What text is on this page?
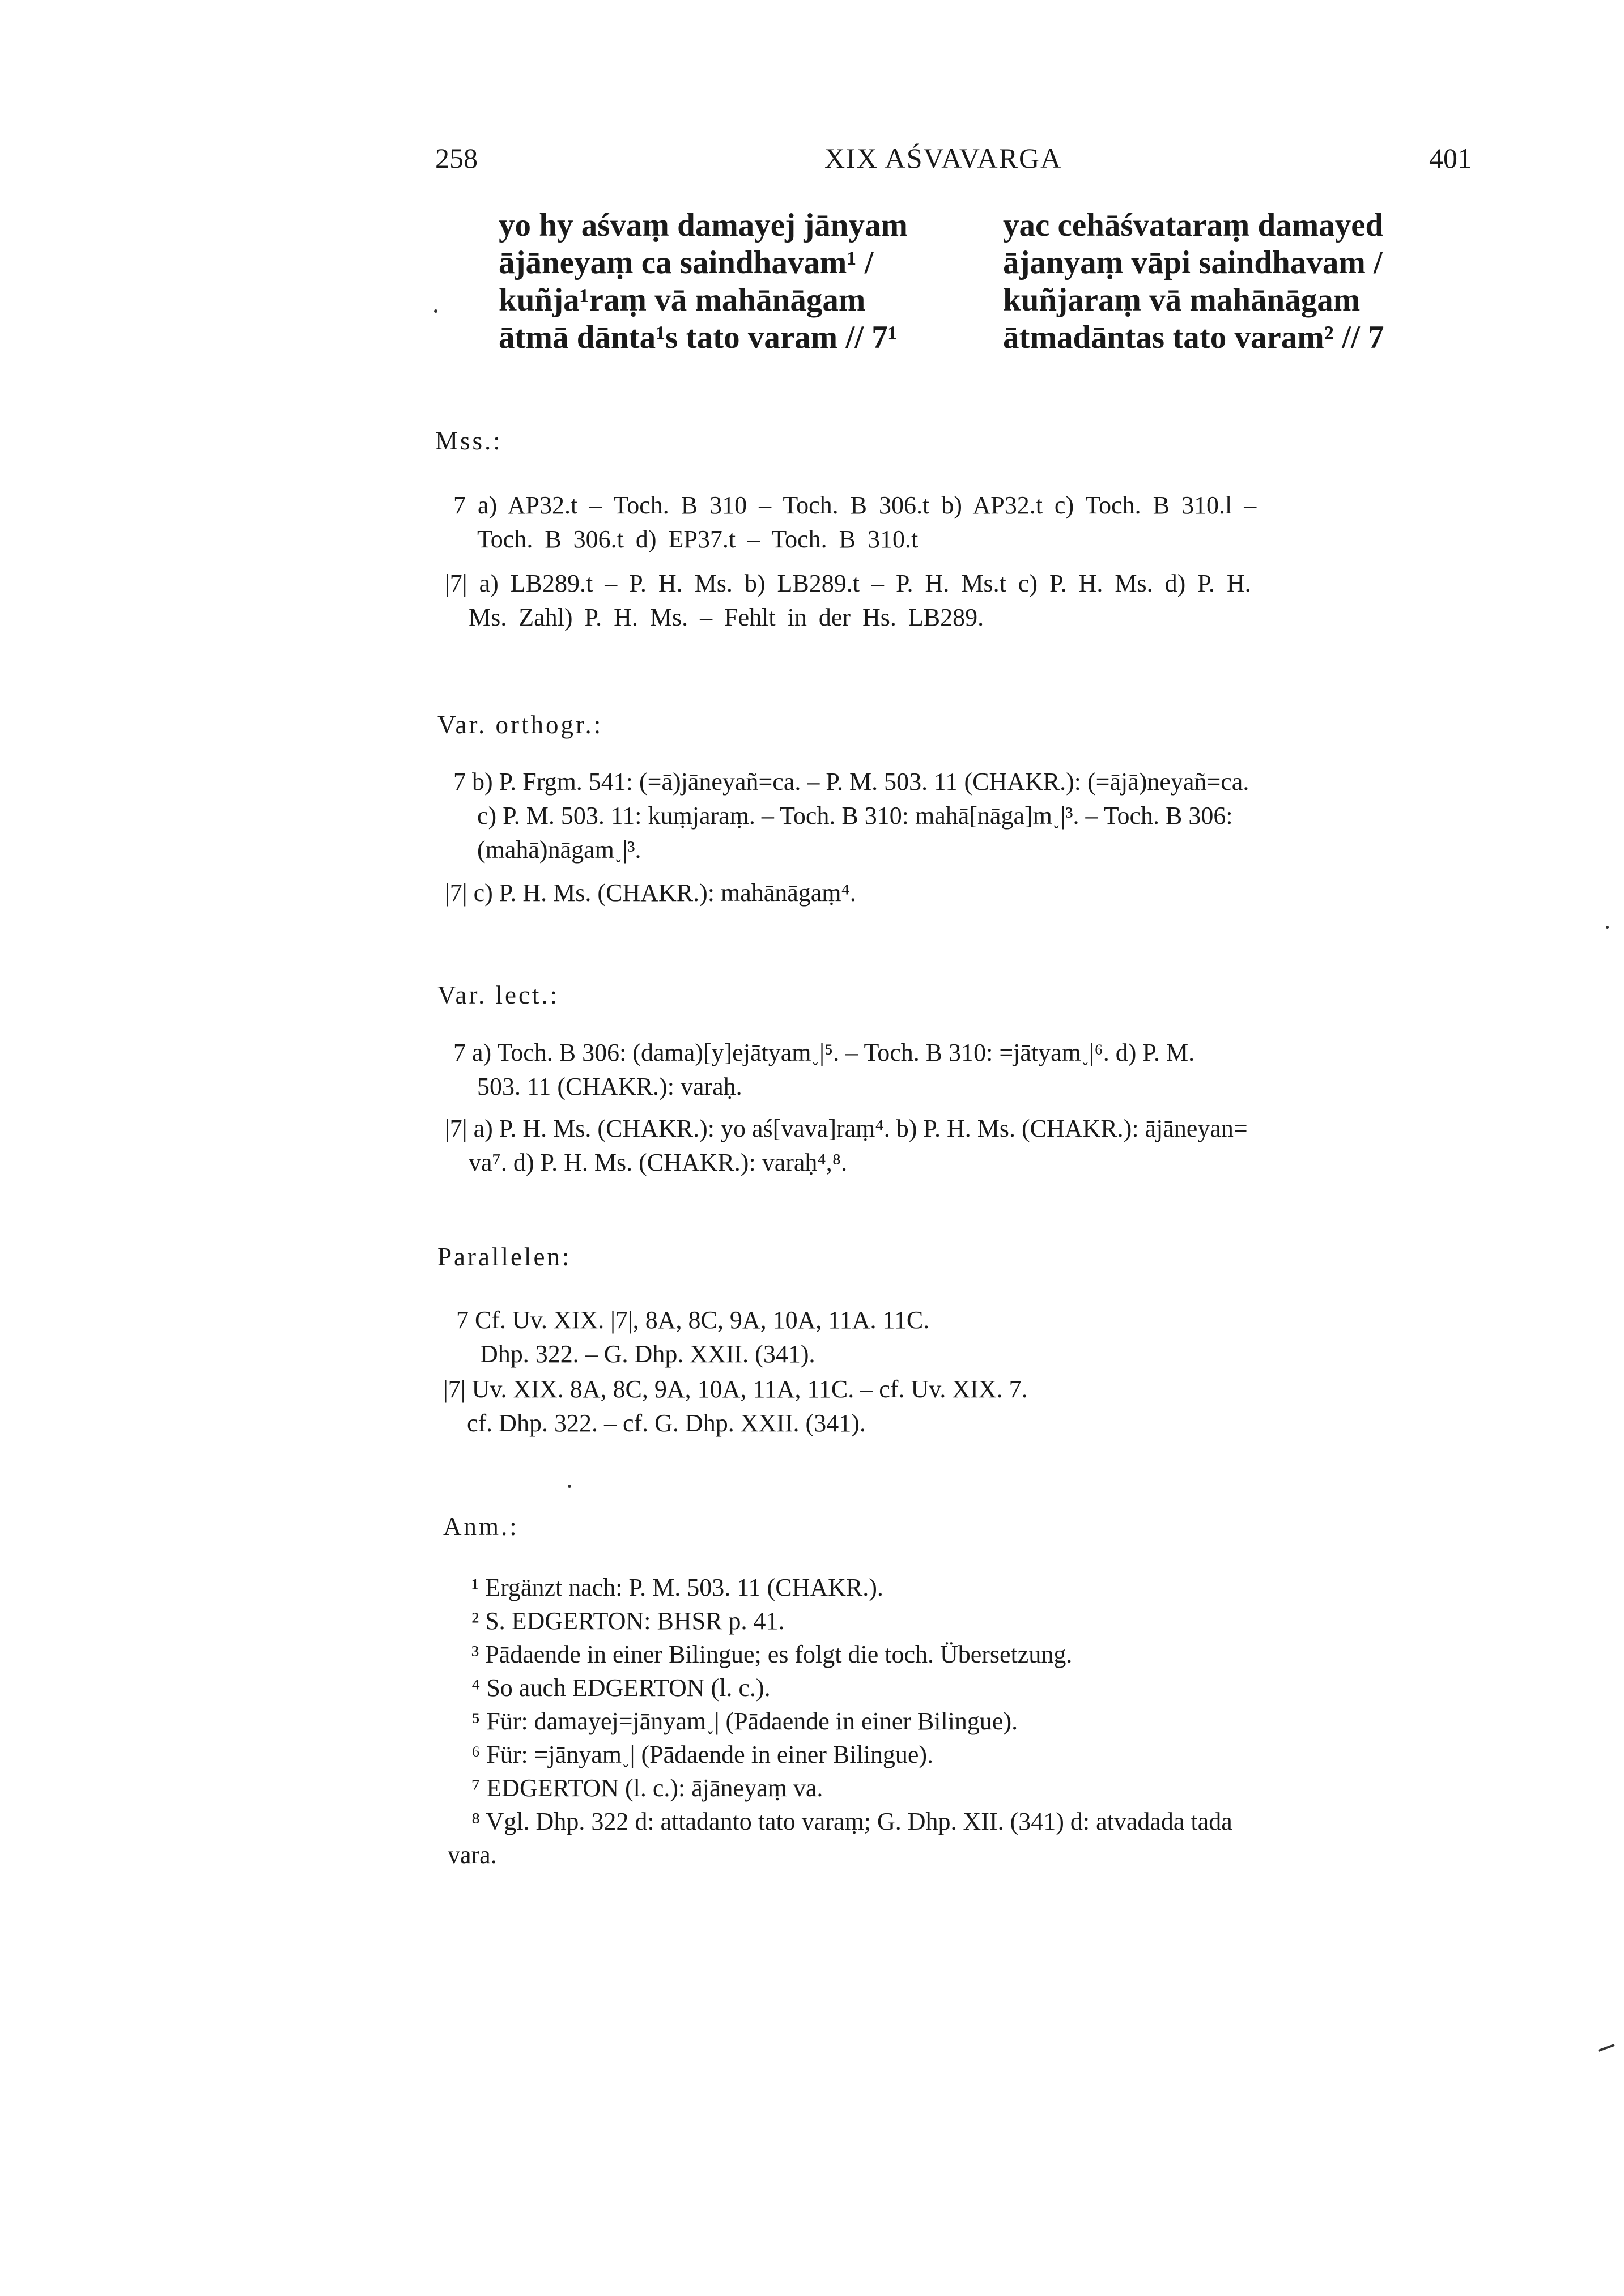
258	XIX AŚVAVARGA	401
yo hy aśvaṃ damayej jānyam
ājāneyaṃ ca saindhavam¹ /
kuñja¹raṃ vā mahānāgam
ātmā dānta¹s tato varam // 7¹
yac cehāśvataraṃ damayed
ājanyaṃ vāpi saindhavam /
kuñjaraṃ vā mahānāgam
ātmadāntas tato varam² // 7
Mss.:
7 a) AP32.t – Toch. B 310 – Toch. B 306.t b) AP32.t c) Toch. B 310.l –
Toch. B 306.t d) EP37.t – Toch. B 310.t
|7| a) LB289.t – P. H. Ms. b) LB289.t – P. H. Ms.t c) P. H. Ms. d) P. H.
Ms. Zahl) P. H. Ms. – Fehlt in der Hs. LB289.
Var. orthogr.:
7 b) P. Frgm. 541: (=ā)jāneyañ=ca. – P. M. 503. 11 (CHAKR.): (=ājā)neyañ=ca.
c) P. M. 503. 11: kuṃjaraṃ. – Toch. B 310: mahā[nāga]m˯|³. – Toch. B 306:
(mahā)nāgam˯|³.
|7| c) P. H. Ms. (CHAKR.): mahānāgaṃ⁴.
Var. lect.:
7 a) Toch. B 306: (dama)[y]ejātyam˯|⁵. – Toch. B 310: =jātyam˯|⁶. d) P. M.
503. 11 (CHAKR.): varaḥ.
|7| a) P. H. Ms. (CHAKR.): yo aś[vava]raṃ⁴. b) P. H. Ms. (CHAKR.): ājāneyan=
va⁷. d) P. H. Ms. (CHAKR.): varaḥ⁴,⁸.
Parallelen:
7 Cf. Uv. XIX. |7|, 8A, 8C, 9A, 10A, 11A. 11C.
Dhp. 322. – G. Dhp. XXII. (341).
|7| Uv. XIX. 8A, 8C, 9A, 10A, 11A, 11C. – cf. Uv. XIX. 7.
cf. Dhp. 322. – cf. G. Dhp. XXII. (341).
Anm.:
¹ Ergänzt nach: P. M. 503. 11 (CHAKR.).
² S. EDGERTON: BHSR p. 41.
³ Pādaende in einer Bilingue; es folgt die toch. Übersetzung.
⁴ So auch EDGERTON (l. c.).
⁵ Für: damayej=jānyam˯| (Pādaende in einer Bilingue).
⁶ Für: =jānyam˯| (Pādaende in einer Bilingue).
⁷ EDGERTON (l. c.): ājāneyaṃ va.
⁸ Vgl. Dhp. 322 d: attadanto tato varaṃ; G. Dhp. XII. (341) d: atvadada tada
vara.
